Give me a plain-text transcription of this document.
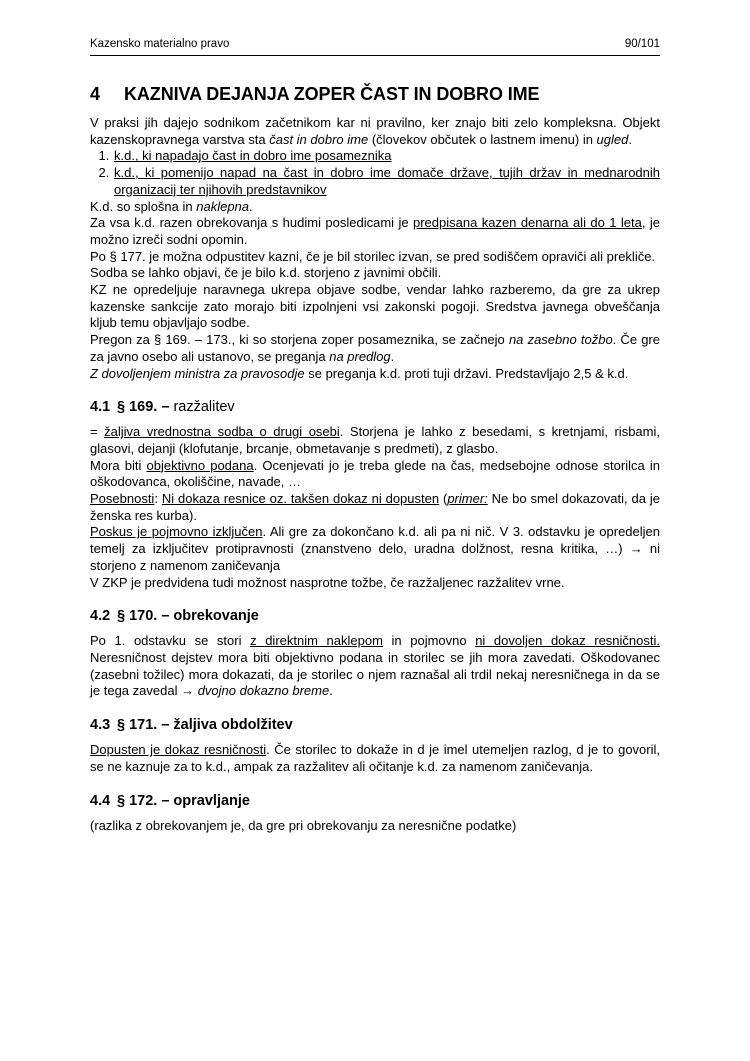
Kazensko materialno pravo	90/101
4 KAZNIVA DEJANJA ZOPER ČAST IN DOBRO IME
V praksi jih dajejo sodnikom začetnikom kar ni pravilno, ker znajo biti zelo kompleksna. Objekt kazenskopravnega varstva sta čast in dobro ime (človekov občutek o lastnem imenu) in ugled.
1. k.d., ki napadajo čast in dobro ime posameznika
2. k.d., ki pomenijo napad na čast in dobro ime domače države, tujih držav in mednarodnih organizacij ter njihovih predstavnikov
K.d. so splošna in naklepna.
Za vsa k.d. razen obrekovanja s hudimi posledicami je predpisana kazen denarna ali do 1 leta, je možno izreči sodni opomin.
Po § 177. je možna odpustitev kazni, če je bil storilec izvan, se pred sodiščem opraviči ali prekliče.
Sodba se lahko objavi, če je bilo k.d. storjeno z javnimi občili.
KZ ne opredeljuje naravnega ukrepa objave sodbe, vendar lahko razberemo, da gre za ukrep kazenske sankcije zato morajo biti izpolnjeni vsi zakonski pogoji. Sredstva javnega obveščanja kljub temu objavljajo sodbe.
Pregon za § 169. – 173., ki so storjena zoper posameznika, se začnejo na zasebno tožbo. Če gre za javno osebo ali ustanovo, se preganja na predlog.
Z dovoljenjem ministra za pravosodje se preganja k.d. proti tuji državi. Predstavljajo 2,5 & k.d.
4.1 § 169. – razžalitev
= žaljiva vrednostna sodba o drugi osebi. Storjena je lahko z besedami, s kretnjami, risbami, glasovi, dejanji (klofutanje, brcanje, obmetavanje s predmeti), z glasbo.
Mora biti objektivno podana. Ocenjevati jo je treba glede na čas, medsebojne odnose storilca in oškodovanca, okoliščine, navade, …
Posebnosti: Ni dokaza resnice oz. takšen dokaz ni dopusten (primer: Ne bo smel dokazovati, da je ženska res kurba).
Poskus je pojmovno izključen. Ali gre za dokončano k.d. ali pa ni nič. V 3. odstavku je opredeljen temelj za izključitev protipravnosti (znanstveno delo, uradna dolžnost, resna kritika, …) → ni storjeno z namenom zaničevanja
V ZKP je predvidena tudi možnost nasprotne tožbe, če razžaljenec razžalitev vrne.
4.2 § 170. – obrekovanje
Po 1. odstavku se stori z direktnim naklepom in pojmovno ni dovoljen dokaz resničnosti. Neresničnost dejstev mora biti objektivno podana in storilec se jih mora zavedati. Oškodovanec (zasebni tožilec) mora dokazati, da je storilec o njem raznašal ali trdil nekaj neresničnega in da se je tega zavedal → dvojno dokazno breme.
4.3 § 171. – žaljiva obdolžitev
Dopusten je dokaz resničnosti. Če storilec to dokaže in d je imel utemeljen razlog, d je to govoril, se ne kaznuje za to k.d., ampak za razžalitev ali očitanje k.d. za namenom zaničevanja.
4.4 § 172. – opravljanje
(razlika z obrekovanjem je, da gre pri obrekovanju za neresnične podatke)
